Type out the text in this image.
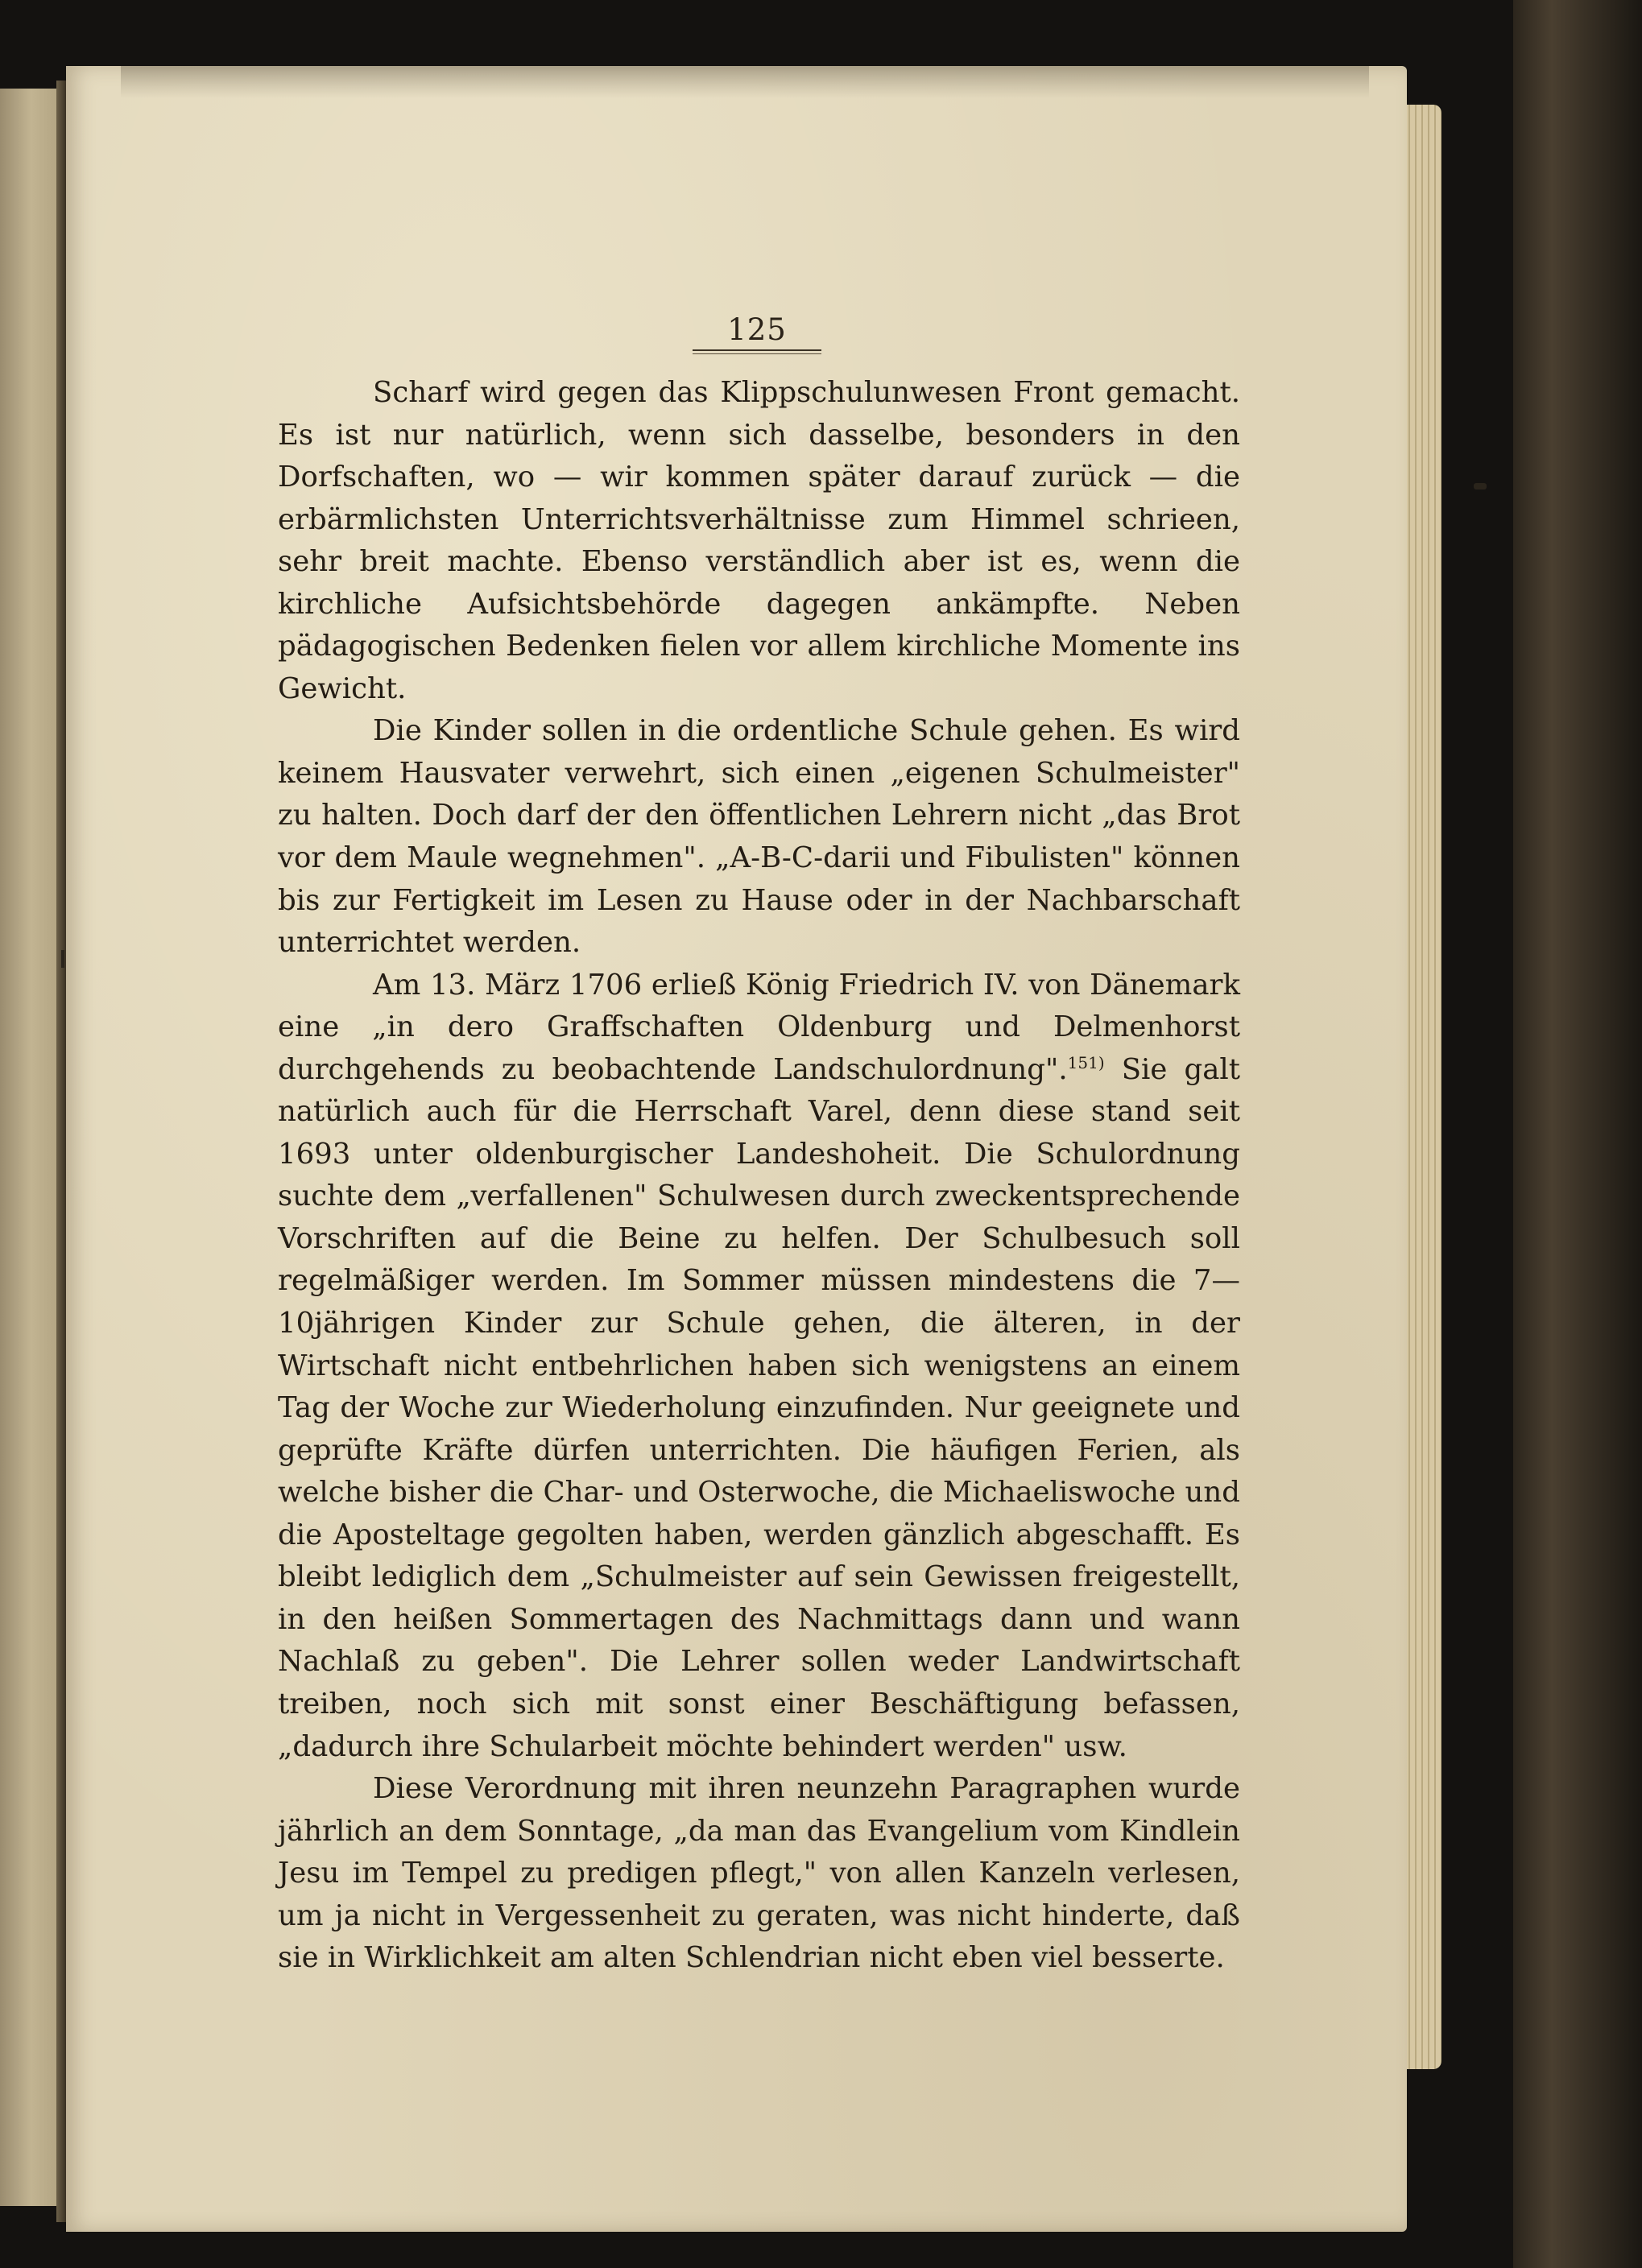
125

Scharf wird gegen das Klippschulunwesen Front gemacht. Es ist nur natürlich, wenn sich dasselbe, besonders in den Dorfschaften, wo — wir kommen später darauf zurück — die erbärmlichsten Unterrichtsverhältnisse zum Himmel schrieen, sehr breit machte. Ebenso verständlich aber ist es, wenn die kirchliche Aufsichtsbehörde dagegen ankämpfte. Neben pädagogischen Bedenken fielen vor allem kirchliche Momente ins Gewicht.

Die Kinder sollen in die ordentliche Schule gehen. Es wird keinem Hausvater verwehrt, sich einen „eigenen Schulmeister" zu halten. Doch darf der den öffentlichen Lehrern nicht „das Brot vor dem Maule wegnehmen". „A-B-C-darii und Fibulisten" können bis zur Fertigkeit im Lesen zu Hause oder in der Nachbarschaft unterrichtet werden.

Am 13. März 1706 erließ König Friedrich IV. von Dänemark eine „in dero Graffschaften Oldenburg und Delmenhorst durchgehends zu beobachtende Landschulordnung".$^{151)}$ Sie galt natürlich auch für die Herrschaft Varel, denn diese stand seit 1693 unter oldenburgischer Landeshoheit. Die Schulordnung suchte dem „verfallenen" Schulwesen durch zweckentsprechende Vorschriften auf die Beine zu helfen. Der Schulbesuch soll regelmäßiger werden. Im Sommer müssen mindestens die 7—10jährigen Kinder zur Schule gehen, die älteren, in der Wirtschaft nicht entbehrlichen haben sich wenigstens an einem Tag der Woche zur Wiederholung einzufinden. Nur geeignete und geprüfte Kräfte dürfen unterrichten. Die häufigen Ferien, als welche bisher die Char- und Osterwoche, die Michaeliswoche und die Aposteltage gegolten haben, werden gänzlich abgeschafft. Es bleibt lediglich dem „Schulmeister auf sein Gewissen freigestellt, in den heißen Sommertagen des Nachmittags dann und wann Nachlaß zu geben". Die Lehrer sollen weder Landwirtschaft treiben, noch sich mit sonst einer Beschäftigung befassen, „dadurch ihre Schularbeit möchte behindert werden" usw.

Diese Verordnung mit ihren neunzehn Paragraphen wurde jährlich an dem Sonntage, „da man das Evangelium vom Kindlein Jesu im Tempel zu predigen pflegt," von allen Kanzeln verlesen, um ja nicht in Vergessenheit zu geraten, was nicht hinderte, daß sie in Wirklichkeit am alten Schlendrian nicht eben viel besserte.
